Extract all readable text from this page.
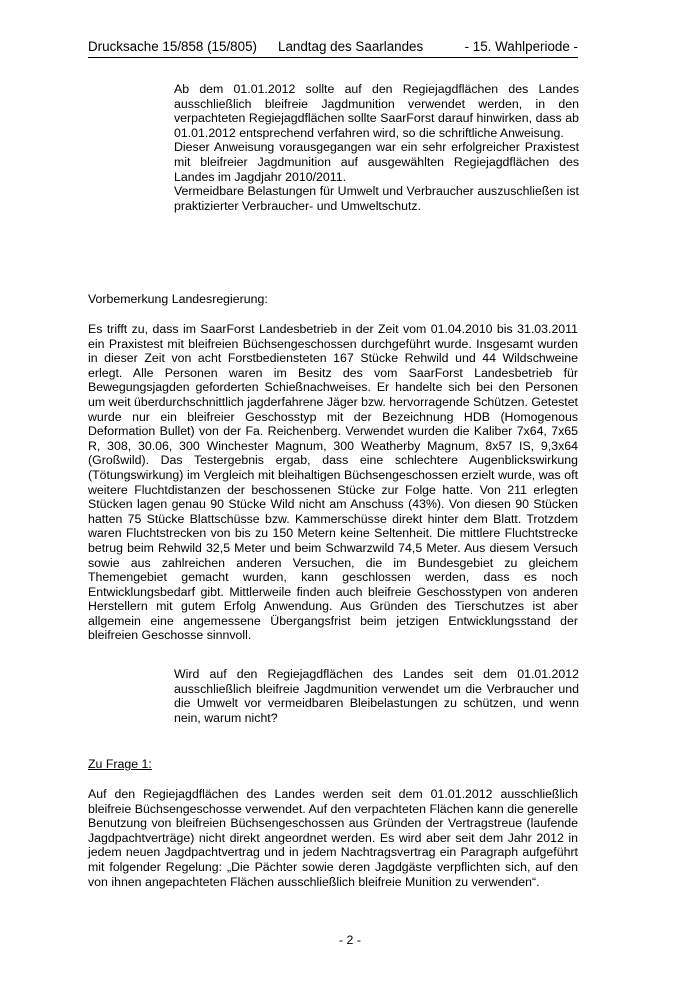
Drucksache 15/858 (15/805) Landtag des Saarlandes	- 15. Wahlperiode -

Ab dem 01.01.2012 sollte auf den Regiejagdflächen des Landes ausschließlich bleifreie Jagdmunition verwendet werden, in den verpachteten Regiejagdflächen sollte SaarForst darauf hinwirken, dass ab 01.01.2012 entsprechend verfahren wird, so die schriftliche Anweisung.

Dieser Anweisung vorausgegangen war ein sehr erfolgreicher Praxistest mit bleifreier Jagdmunition auf ausgewählten Regiejagdflächen des Landes im Jagdjahr 2010/2011.

Vermeidbare Belastungen für Umwelt und Verbraucher auszuschließen ist praktizierter Verbraucher- und Umweltschutz.

Vorbemerkung Landesregierung:

Es trifft zu, dass im SaarForst Landesbetrieb in der Zeit vom 01.04.2010 bis 31.03.2011 ein Praxistest mit bleifreien Büchsengeschossen durchgeführt wurde. Insgesamt wurden in dieser Zeit von acht Forstbediensteten 167 Stücke Rehwild und 44 Wildschweine erlegt. Alle Personen waren im Besitz des vom SaarForst Landesbetrieb für Bewegungsjagden geforderten Schießnachweises. Er handelte sich bei den Personen um weit überdurchschnittlich jagderfahrene Jäger bzw. hervorragende Schützen. Getestet wurde nur ein bleifreier Geschosstyp mit der Bezeichnung HDB (Homogenous Deformation Bullet) von der Fa. Reichenberg. Verwendet wurden die Kaliber 7x64, 7x65 R, 308, 30.06, 300 Winchester Magnum, 300 Weatherby Magnum, 8x57 IS, 9,3x64 (Großwild). Das Testergebnis ergab, dass eine schlechtere Augenblickswirkung (Tötungswirkung) im Vergleich mit bleihaltigen Büchsengeschossen erzielt wurde, was oft weitere Fluchtdistanzen der beschossenen Stücke zur Folge hatte. Von 211 erlegten Stücken lagen genau 90 Stücke Wild nicht am Anschuss (43%). Von diesen 90 Stücken hatten 75 Stücke Blattschüsse bzw. Kammerschüsse direkt hinter dem Blatt. Trotzdem waren Fluchtstrecken von bis zu 150 Metern keine Seltenheit. Die mittlere Fluchtstrecke betrug beim Rehwild 32,5 Meter und beim Schwarzwild 74,5 Meter. Aus diesem Versuch sowie aus zahlreichen anderen Versuchen, die im Bundesgebiet zu gleichem Themengebiet gemacht wurden, kann geschlossen werden, dass es noch Entwicklungsbedarf gibt. Mittlerweile finden auch bleifreie Geschosstypen von anderen Herstellern mit gutem Erfolg Anwendung. Aus Gründen des Tierschutzes ist aber allgemein eine angemessene Übergangsfrist beim jetzigen Entwicklungsstand der bleifreien Geschosse sinnvoll.

Wird auf den Regiejagdflächen des Landes seit dem 01.01.2012 ausschließlich bleifreie Jagdmunition verwendet um die Verbraucher und die Umwelt vor vermeidbaren Bleibelastungen zu schützen, und wenn nein, warum nicht?

Zu Frage 1:

Auf den Regiejagdflächen des Landes werden seit dem 01.01.2012 ausschließlich bleifreie Büchsengeschosse verwendet. Auf den verpachteten Flächen kann die generelle Benutzung von bleifreien Büchsengeschossen aus Gründen der Vertragstreue (laufende Jagdpachtverträge) nicht direkt angeordnet werden. Es wird aber seit dem Jahr 2012 in jedem neuen Jagdpachtvertrag und in jedem Nachtragsvertrag ein Paragraph aufgeführt mit folgender Regelung: „Die Pächter sowie deren Jagdgäste verpflichten sich, auf den von ihnen angepachteten Flächen ausschließlich bleifreie Munition zu verwenden“.

- 2 -
